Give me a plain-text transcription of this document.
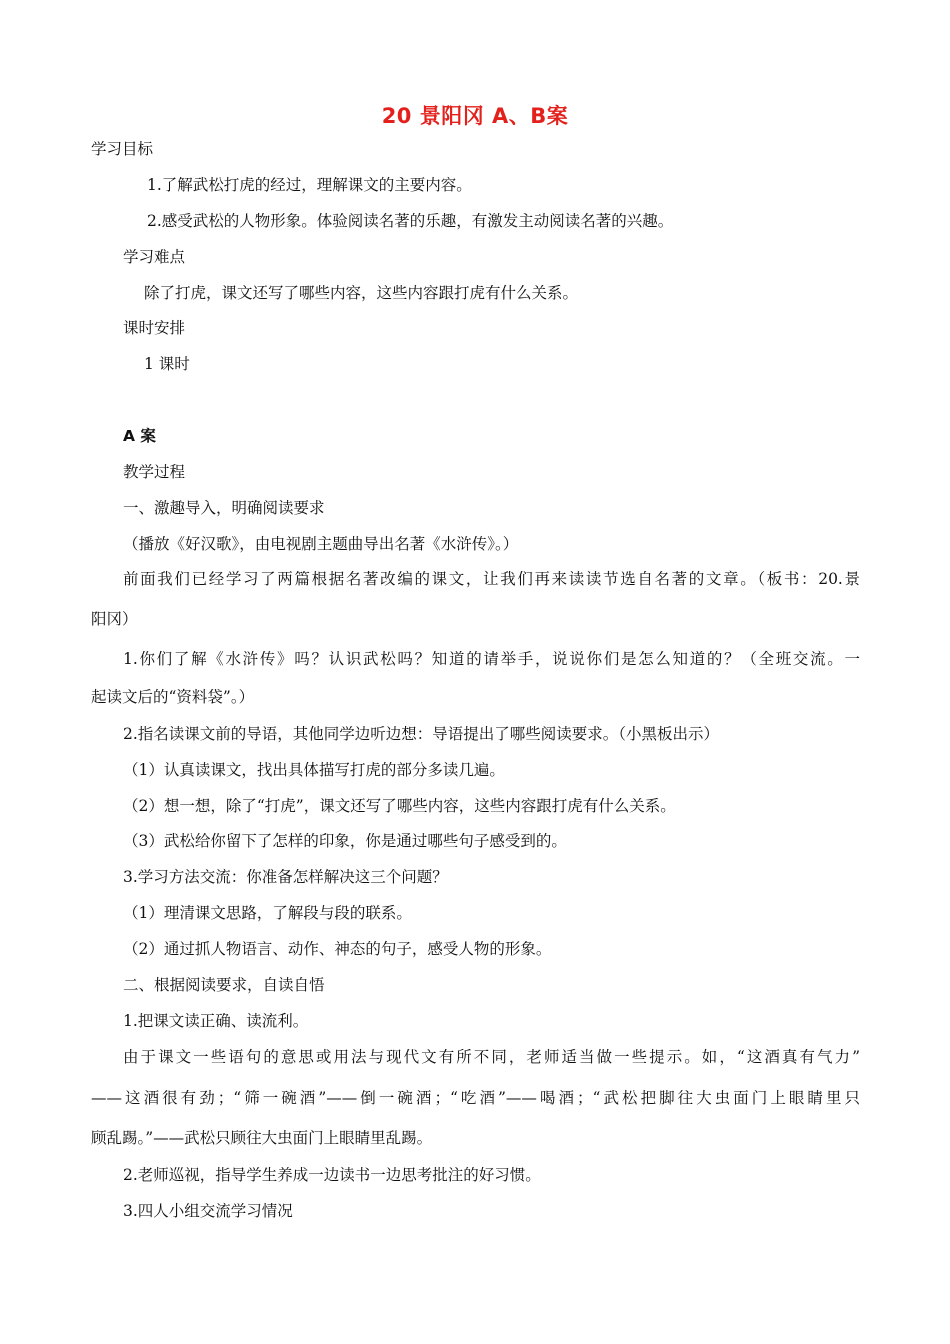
20 景阳冈 A、B案
学习目标
1.了解武松打虎的经过，理解课文的主要内容。
2.感受武松的人物形象。体验阅读名著的乐趣，有激发主动阅读名著的兴趣。
学习难点
除了打虎，课文还写了哪些内容，这些内容跟打虎有什么关系。
课时安排
1 课时
A 案
教学过程
一、激趣导入，明确阅读要求
（播放《好汉歌》，由电视剧主题曲导出名著《水浒传》。）
前面我们已经学习了两篇根据名著改编的课文，让我们再来读读节选自名著的文章。（板书：20.景
阳冈）
1.你们了解《水浒传》吗？认识武松吗？知道的请举手，说说你们是怎么知道的？（全班交流。一
起读文后的“资料袋”。）
2.指名读课文前的导语，其他同学边听边想：导语提出了哪些阅读要求。（小黑板出示）
（1）认真读课文，找出具体描写打虎的部分多读几遍。
（2）想一想，除了“打虎”，课文还写了哪些内容，这些内容跟打虎有什么关系。
（3）武松给你留下了怎样的印象，你是通过哪些句子感受到的。
3.学习方法交流：你准备怎样解决这三个问题？
（1）理清课文思路，了解段与段的联系。
（2）通过抓人物语言、动作、神态的句子，感受人物的形象。
二、根据阅读要求，自读自悟
1.把课文读正确、读流利。
由于课文一些语句的意思或用法与现代文有所不同，老师适当做一些提示。如，“这酒真有气力”
——这酒很有劲；“筛一碗酒”——倒一碗酒；“吃酒”——喝酒；“武松把脚往大虫面门上眼睛里只
顾乱踢。”——武松只顾往大虫面门上眼睛里乱踢。
2.老师巡视，指导学生养成一边读书一边思考批注的好习惯。
3.四人小组交流学习情况
